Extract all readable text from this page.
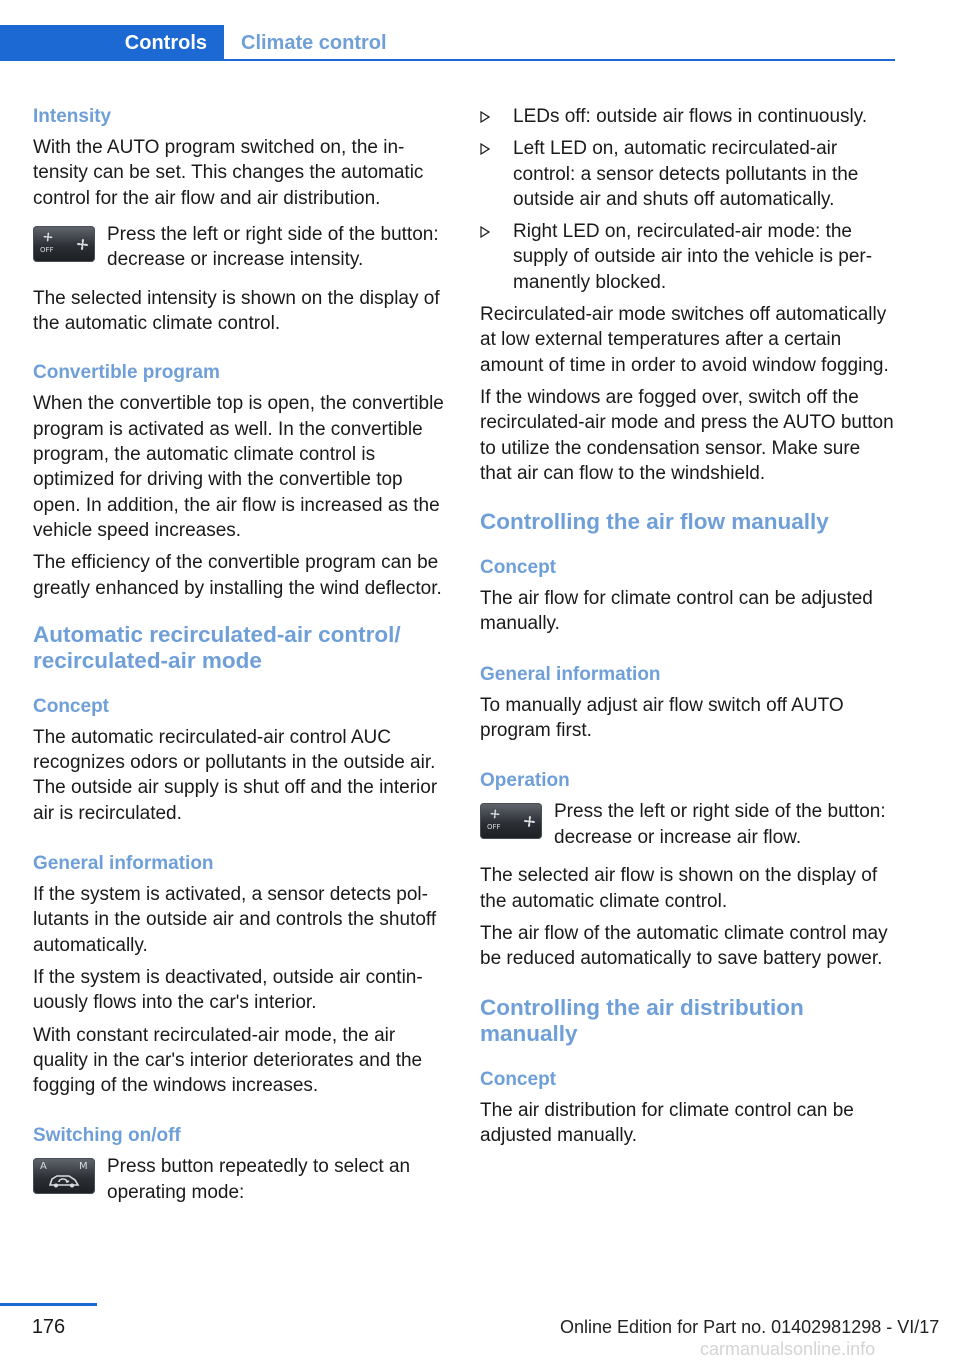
Controls	Climate control
Intensity

With the AUTO program switched on, the intensity can be set. This changes the automatic control for the air flow and air distribution.

OFF

Press the left or right side of the button: decrease or increase intensity.

The selected intensity is shown on the display of the automatic climate control.

Convertible program

When the convertible top is open, the convertible program is activated as well. In the convertible program, the automatic climate control is optimized for driving with the convertible top open. In addition, the air flow is increased as the vehicle speed increases.

The efficiency of the convertible program can be greatly enhanced by installing the wind deflector.

Automatic recirculated-air control/ recirculated-air mode
Concept

The automatic recirculated-air control AUC recognizes odors or pollutants in the outside air. The outside air supply is shut off and the interior air is recirculated.

General information

If the system is activated, a sensor detects pollutants in the outside air and controls the shutoff automatically.

If the system is deactivated, outside air continuously flows into the car's interior.

With constant recirculated-air mode, the air quality in the car's interior deteriorates and the fogging of the windows increases.

Switching on/off
A	M Press button repeatedly to select an operating mode:

LEDs off: outside air flows in continuously.
Left LED on, automatic recirculated-air control: a sensor detects pollutants in the outside air and shuts off automatically.
Right LED on, recirculated-air mode: the supply of outside air into the vehicle is permanently blocked.

Recirculated-air mode switches off automatically at low external temperatures after a certain amount of time in order to avoid window fogging.

If the windows are fogged over, switch off the recirculated-air mode and press the AUTO button to utilize the condensation sensor. Make sure that air can flow to the windshield.

Controlling the air flow manually
Concept

The air flow for climate control can be adjusted manually.

General information

To manually adjust air flow switch off AUTO program first.

Operation
OFF

Press the left or right side of the button: decrease or increase air flow.

The selected air flow is shown on the display of the automatic climate control.

The air flow of the automatic climate control may be reduced automatically to save battery power.

Controlling the air distribution manually
Concept

The air distribution for climate control can be adjusted manually.

176	Online Edition for Part no. 01402981298 - VI/17
carmanualsonline.info
